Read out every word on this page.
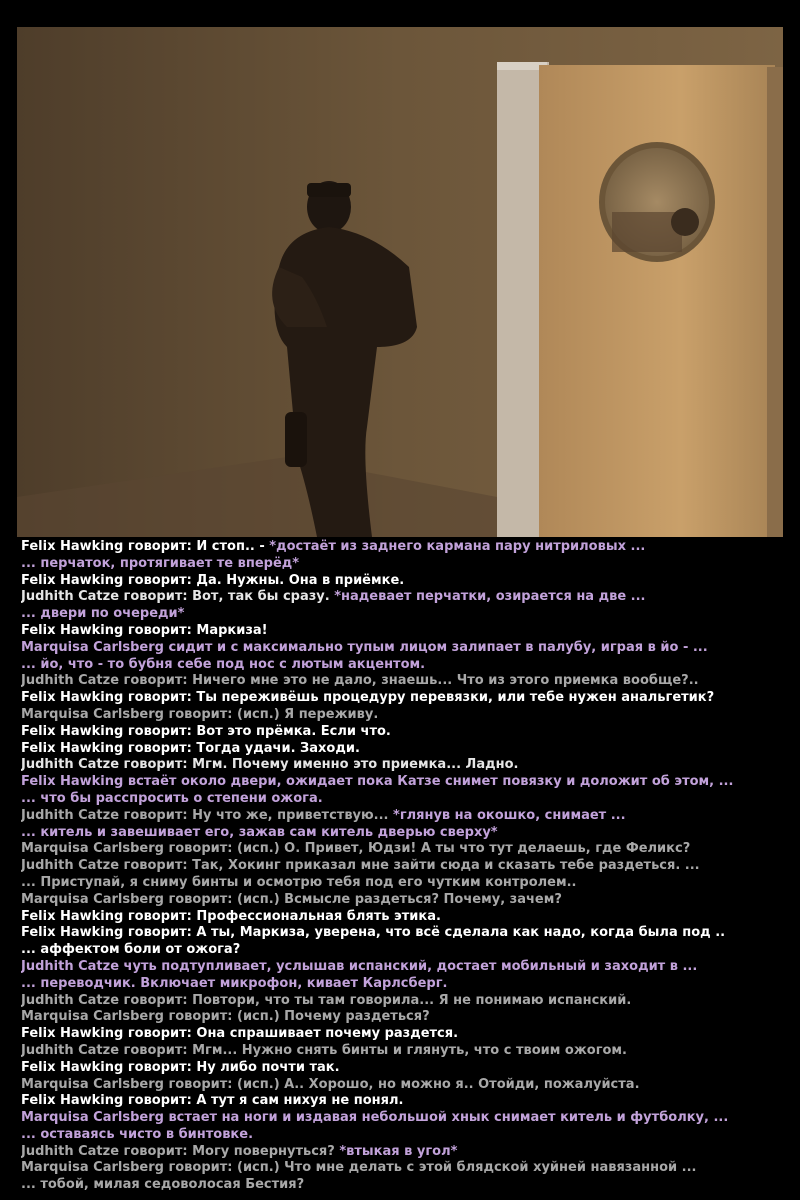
Felix Hawking говорит: И стоп.. - *достаёт из заднего кармана пару нитриловых ...
... перчаток, протягивает те вперёд*
Felix Hawking говорит: Да. Нужны. Она в приёмке.
Judhith Catze говорит: Вот, так бы сразу. *надевает перчатки, озирается на две ...
... двери по очереди*
Felix Hawking говорит: Маркиза!
Marquisa Carlsberg сидит и с максимально тупым лицом залипает в палубу, играя в йо - ...
... йо, что - то бубня себе под нос с лютым акцентом.
Judhith Catze говорит: Ничего мне это не дало, знаешь... Что из этого приемка вообще?..
Felix Hawking говорит: Ты переживёшь процедуру перевязки, или тебе нужен анальгетик?
Marquisa Carlsberg говорит: (исп.) Я переживу.
Felix Hawking говорит: Вот это прёмка. Если что.
Felix Hawking говорит: Тогда удачи. Заходи.
Judhith Catze говорит: Мгм. Почему именно это приемка... Ладно.
Felix Hawking встаёт около двери, ожидает пока Катзе снимет повязку и доложит об этом, ...
... что бы расспросить о степени ожога.
Judhith Catze говорит: Ну что же, приветствую... *глянув на окошко, снимает ...
... китель и завешивает его, зажав сам китель дверью сверху*
Marquisa Carlsberg говорит: (исп.) О. Привет, Юдзи! А ты что тут делаешь, где Феликс?
Judhith Catze говорит: Так, Хокинг приказал мне зайти сюда и сказать тебе раздеться. ...
... Приступай, я сниму бинты и осмотрю тебя под его чутким контролем..
Marquisa Carlsberg говорит: (исп.) Всмысле раздеться? Почему, зачем?
Felix Hawking говорит: Профессиональная блять этика.
Felix Hawking говорит: А ты, Маркиза, уверена, что всё сделала как надо, когда была под ..
... аффектом боли от ожога?
Judhith Catze чуть подтупливает, услышав испанский, достает мобильный и заходит в ...
... переводчик. Включает микрофон, кивает Карлсберг.
Judhith Catze говорит: Повтори, что ты там говорила... Я не понимаю испанский.
Marquisa Carlsberg говорит: (исп.) Почему раздеться?
Felix Hawking говорит: Она спрашивает почему раздется.
Judhith Catze говорит: Мгм... Нужно снять бинты и глянуть, что с твоим ожогом.
Felix Hawking говорит: Ну либо почти так.
Marquisa Carlsberg говорит: (исп.) А.. Хорошо, но можно я.. Отойди, пожалуйста.
Felix Hawking говорит: А тут я сам нихуя не понял.
Marquisa Carlsberg встает на ноги и издавая небольшой хнык снимает китель и футболку, ...
... оставаясь чисто в бинтовке.
Judhith Catze говорит: Могу повернуться? *втыкая в угол*
Marquisa Carlsberg говорит: (исп.) Что мне делать с этой блядской хуйней навязанной ...
... тобой, милая седоволосая Бестия?
